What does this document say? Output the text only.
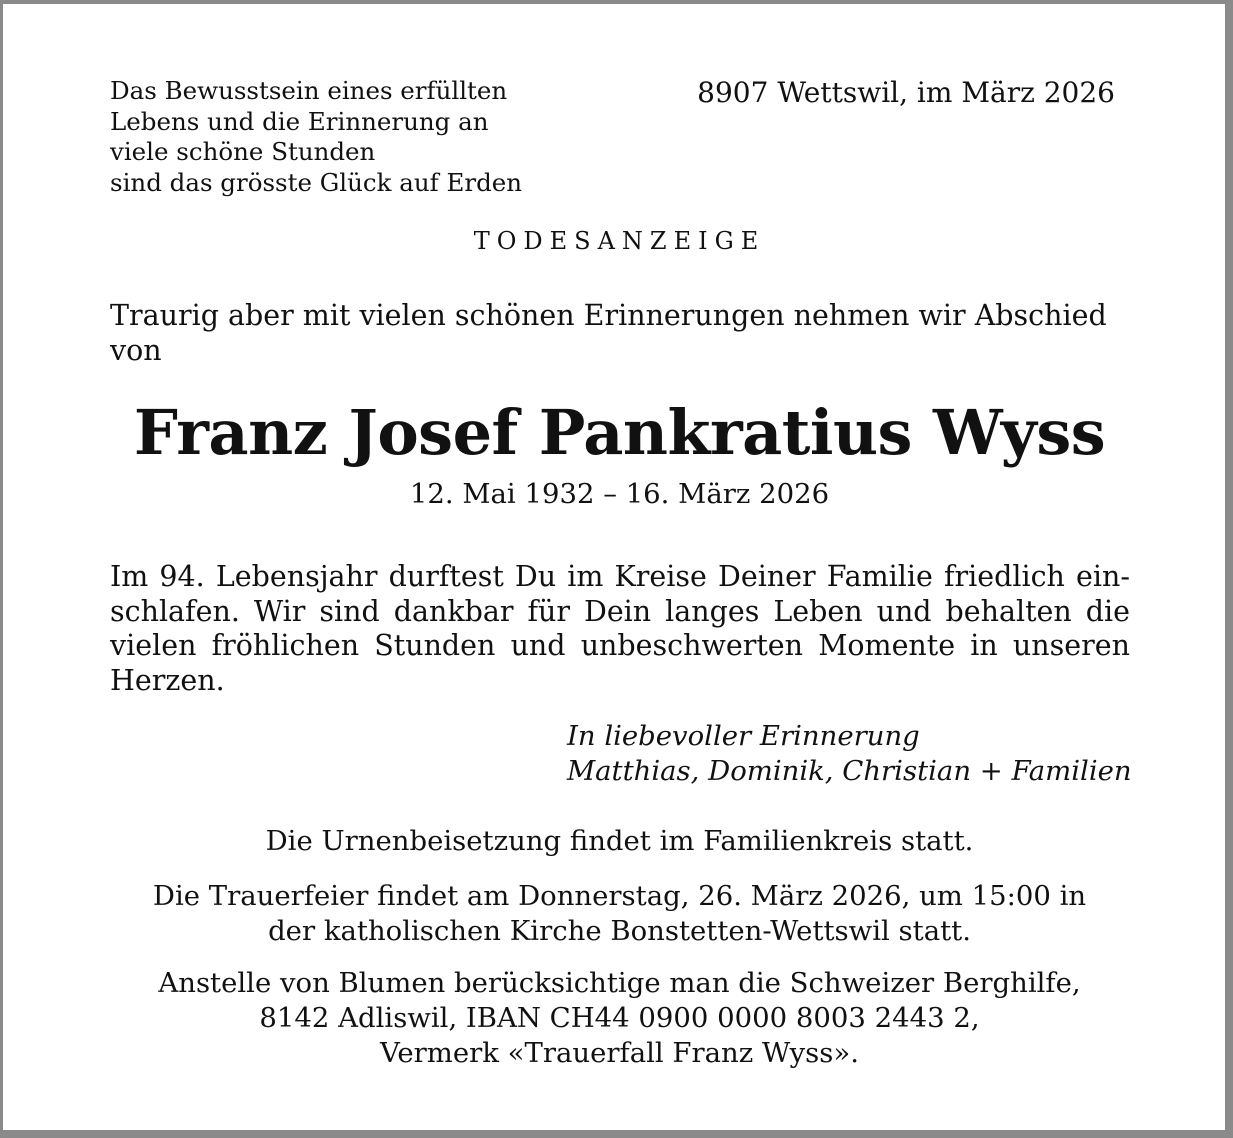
Das Bewusstsein eines erfüllten
Lebens und die Erinnerung an
viele schöne Stunden
sind das grösste Glück auf Erden
8907 Wettswil, im März 2026
TODESANZEIGE

Traurig aber mit vielen schönen Erinnerungen nehmen wir Abschied von

Franz Josef Pankratius Wyss
12. Mai 1932 – 16. März 2026
Im 94. Lebensjahr durftest Du im Kreise Deiner Familie friedlich ein-
schlafen. Wir sind dankbar für Dein langes Leben und behalten die
vielen fröhlichen Stunden und unbeschwerten Momente in unseren
Herzen.
In liebevoller Erinnerung
Matthias, Dominik, Christian + Familien
Die Urnenbeisetzung findet im Familienkreis statt.
Die Trauerfeier findet am Donnerstag, 26. März 2026, um 15:00 in
der katholischen Kirche Bonstetten-Wettswil statt.
Anstelle von Blumen berücksichtige man die Schweizer Berghilfe,
8142 Adliswil, IBAN CH44 0900 0000 8003 2443 2,
Vermerk «Trauerfall Franz Wyss».
